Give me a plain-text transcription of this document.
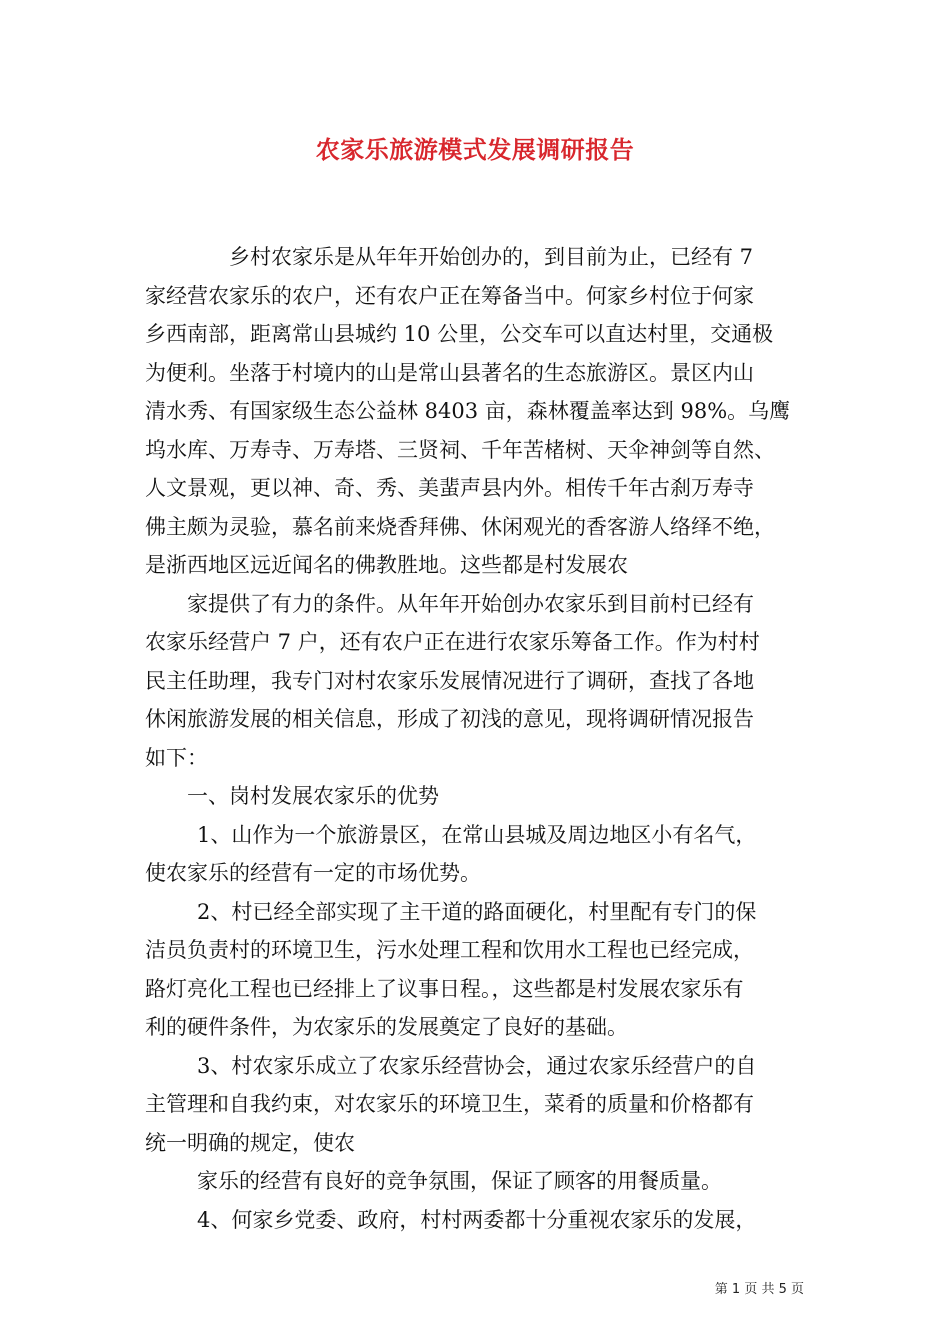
农家乐旅游模式发展调研报告
乡村农家乐是从年年开始创办的，到目前为止，已经有 7
家经营农家乐的农户，还有农户正在筹备当中。何家乡村位于何家
乡西南部，距离常山县城约 10 公里，公交车可以直达村里，交通极
为便利。坐落于村境内的山是常山县著名的生态旅游区。景区内山
清水秀、有国家级生态公益林 8403 亩，森林覆盖率达到 98%。乌鹰
坞水库、万寿寺、万寿塔、三贤祠、千年苦楮树、天伞神剑等自然、
人文景观，更以神、奇、秀、美蜚声县内外。相传千年古刹万寿寺
佛主颇为灵验，慕名前来烧香拜佛、休闲观光的香客游人络绎不绝，
是浙西地区远近闻名的佛教胜地。这些都是村发展农
家提供了有力的条件。从年年开始创办农家乐到目前村已经有
农家乐经营户 7 户，还有农户正在进行农家乐筹备工作。作为村村
民主任助理，我专门对村农家乐发展情况进行了调研，查找了各地
休闲旅游发展的相关信息，形成了初浅的意见，现将调研情况报告
如下：
一、岗村发展农家乐的优势
1、山作为一个旅游景区，在常山县城及周边地区小有名气，
使农家乐的经营有一定的市场优势。
2、村已经全部实现了主干道的路面硬化，村里配有专门的保
洁员负责村的环境卫生，污水处理工程和饮用水工程也已经完成，
路灯亮化工程也已经排上了议事日程。，这些都是村发展农家乐有
利的硬件条件，为农家乐的发展奠定了良好的基础。
3、村农家乐成立了农家乐经营协会，通过农家乐经营户的自
主管理和自我约束，对农家乐的环境卫生，菜肴的质量和价格都有
统一明确的规定，使农
家乐的经营有良好的竞争氛围，保证了顾客的用餐质量。
4、何家乡党委、政府，村村两委都十分重视农家乐的发展，
第 1 页 共 5 页
